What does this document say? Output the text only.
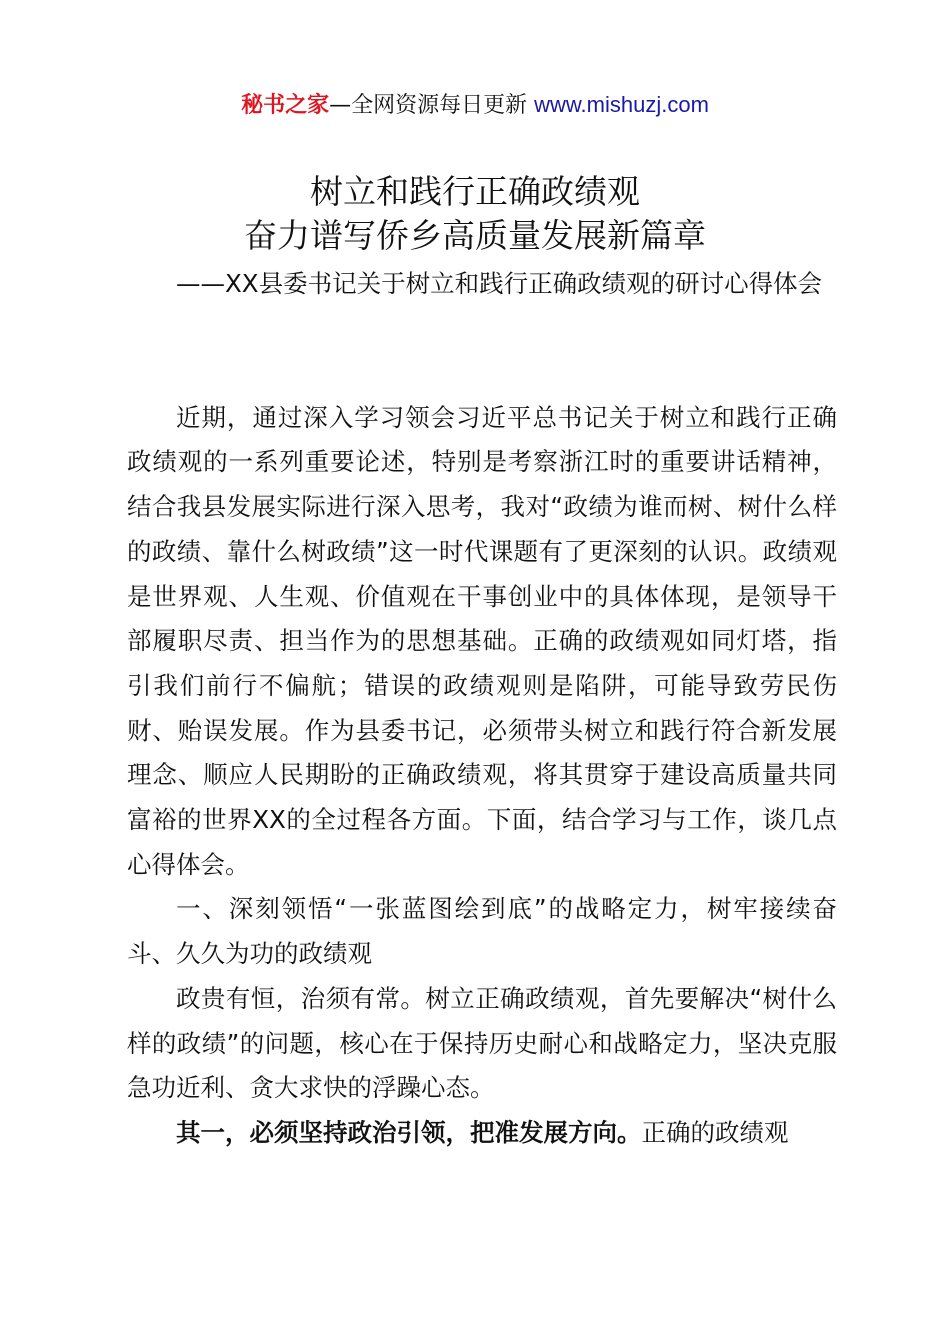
秘书之家—全网资源每日更新 www.mishuzj.com
树立和践行正确政绩观
奋力谱写侨乡高质量发展新篇章

——XX县委书记关于树立和践行正确政绩观的研讨心得体会

近期，通过深入学习领会习近平总书记关于树立和践行正确政绩观的一系列重要论述，特别是考察浙江时的重要讲话精神，结合我县发展实际进行深入思考，我对“政绩为谁而树、树什么样的政绩、靠什么树政绩”这一时代课题有了更深刻的认识。政绩观是世界观、人生观、价值观在干事创业中的具体体现，是领导干部履职尽责、担当作为的思想基础。正确的政绩观如同灯塔，指引我们前行不偏航；错误的政绩观则是陷阱，可能导致劳民伤财、贻误发展。作为县委书记，必须带头树立和践行符合新发展理念、顺应人民期盼的正确政绩观，将其贯穿于建设高质量共同富裕的世界XX的全过程各方面。下面，结合学习与工作，谈几点心得体会。

一、深刻领悟“一张蓝图绘到底”的战略定力，树牢接续奋斗、久久为功的政绩观

政贵有恒，治须有常。树立正确政绩观，首先要解决“树什么样的政绩”的问题，核心在于保持历史耐心和战略定力，坚决克服急功近利、贪大求快的浮躁心态。

其一，必须坚持政治引领，把准发展方向。正确的政绩观
